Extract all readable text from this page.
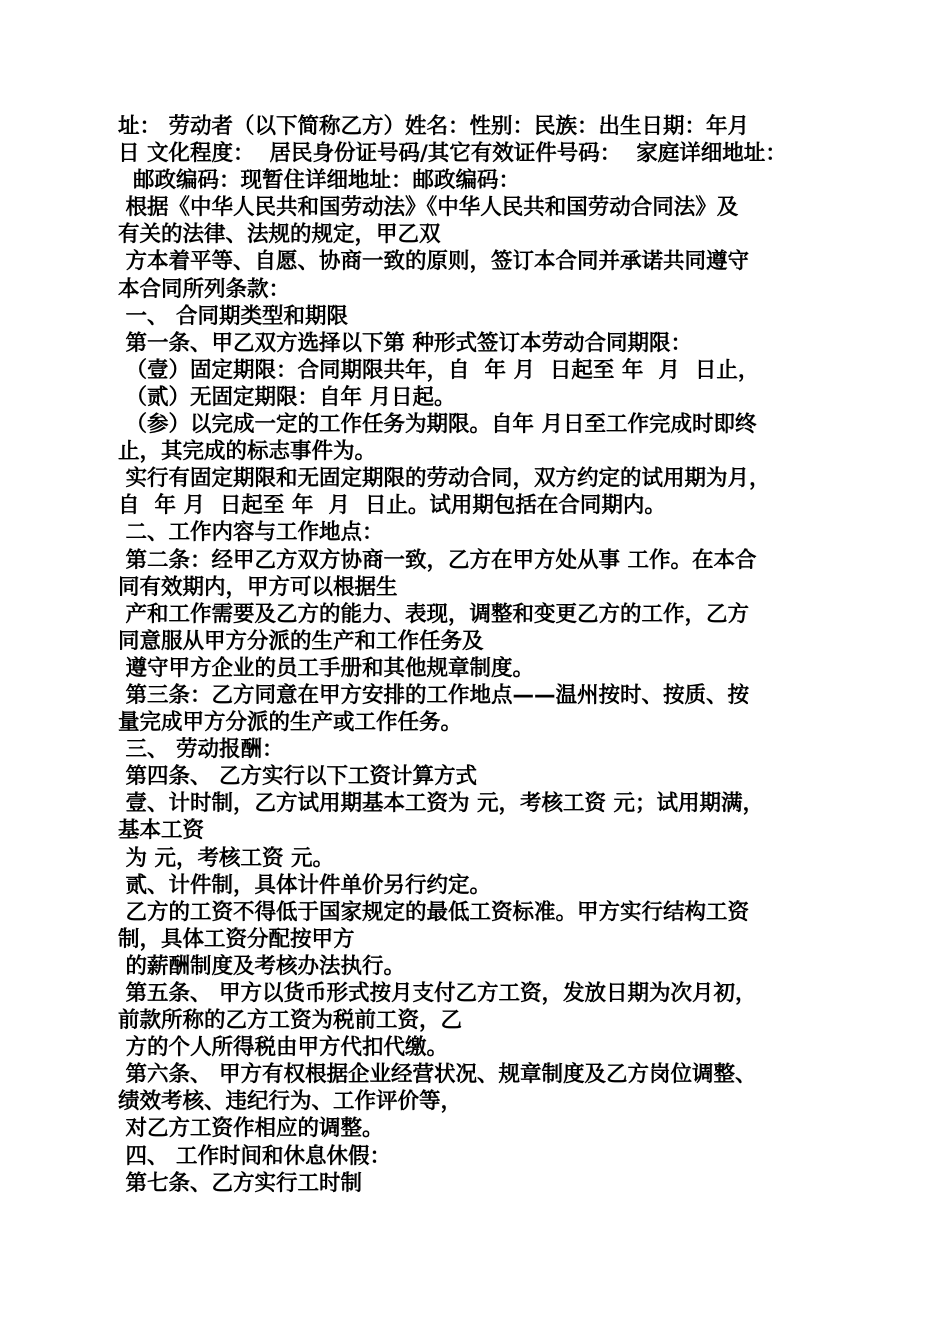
址： 劳动者（以下简称乙方）姓名：性别：民族：出生日期：年月

日 文化程度：  居民身份证号码/其它有效证件号码：  家庭详细地址：

邮政编码：现暂住详细地址：邮政编码：

根据《中华人民共和国劳动法》《中华人民共和国劳动合同法》及

有关的法律、法规的规定，甲乙双

方本着平等、自愿、协商一致的原则，签订本合同并承诺共同遵守

本合同所列条款：

一、 合同期类型和期限

第一条、甲乙双方选择以下第 种形式签订本劳动合同期限：

（壹）固定期限：合同期限共年，自  年 月  日起至 年  月  日止，

（贰）无固定期限：自年 月日起。

（参）以完成一定的工作任务为期限。自年 月日至工作完成时即终

止，其完成的标志事件为。

实行有固定期限和无固定期限的劳动合同，双方约定的试用期为月，

自  年 月  日起至 年  月  日止。试用期包括在合同期内。

二、工作内容与工作地点：

第二条：经甲乙方双方协商一致，乙方在甲方处从事 工作。在本合

同有效期内，甲方可以根据生

产和工作需要及乙方的能力、表现，调整和变更乙方的工作，乙方

同意服从甲方分派的生产和工作任务及

遵守甲方企业的员工手册和其他规章制度。

第三条：乙方同意在甲方安排的工作地点——温州按时、按质、按

量完成甲方分派的生产或工作任务。

三、 劳动报酬：

第四条、 乙方实行以下工资计算方式

壹、计时制，乙方试用期基本工资为 元，考核工资 元；试用期满，

基本工资

为 元，考核工资 元。

贰、计件制，具体计件单价另行约定。

乙方的工资不得低于国家规定的最低工资标准。甲方实行结构工资

制，具体工资分配按甲方

的薪酬制度及考核办法执行。

第五条、 甲方以货币形式按月支付乙方工资，发放日期为次月初，

前款所称的乙方工资为税前工资，乙

方的个人所得税由甲方代扣代缴。

第六条、 甲方有权根据企业经营状况、规章制度及乙方岗位调整、

绩效考核、违纪行为、工作评价等，

对乙方工资作相应的调整。

四、 工作时间和休息休假：

第七条、乙方实行工时制
